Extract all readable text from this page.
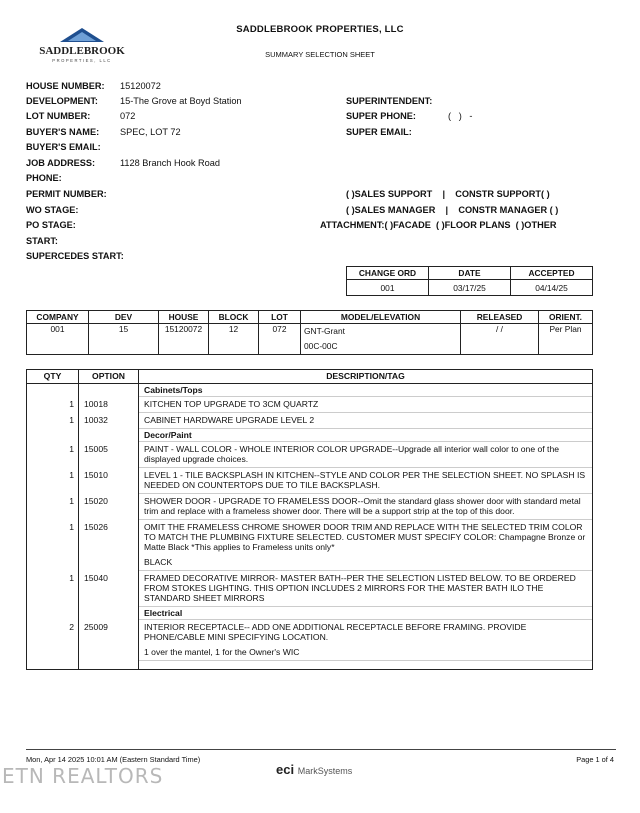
SADDLEBROOK
PROPERTIES, LLC
SADDLEBROOK PROPERTIES, LLC
SUMMARY SELECTION SHEET
HOUSE NUMBER: 15120072
DEVELOPMENT: 15-The Grove at Boyd Station
LOT NUMBER:	072
BUYER'S NAME: SPEC, LOT 72
BUYER'S EMAIL:
JOB ADDRESS:	1128 Branch Hook Road
PHONE:
PERMIT NUMBER:
WO STAGE:
PO STAGE:
START:
SUPERCEDES START:
SUPERINTENDENT:
SUPER PHONE:	(   )   -
SUPER EMAIL:
( )SALES SUPPORT    |    CONSTR SUPPORT( )
( )SALES MANAGER    |    CONSTR MANAGER ( )
ATTACHMENT:( )FACADE  ( )FLOOR PLANS  ( )OTHER
CHANGE ORD	DATE	ACCEPTED
001	03/17/25	04/14/25
COMPANY	DEV	HOUSE	BLOCK	LOT	MODEL/ELEVATION	RELEASED	ORIENT.
001	15	15120072	12	072	GNT-Grant
00C-00C	/ /	Per Plan
QTY	OPTION	DESCRIPTION/TAG
Cabinets/Tops
1	10018	KITCHEN TOP UPGRADE TO 3CM QUARTZ
1	10032	CABINET HARDWARE UPGRADE LEVEL 2
Decor/Paint
1	15005	PAINT - WALL COLOR - WHOLE INTERIOR COLOR UPGRADE--Upgrade all interior wall color to one of the displayed upgrade choices.
1	15010	LEVEL 1 - TILE BACKSPLASH IN KITCHEN--STYLE AND COLOR PER THE SELECTION SHEET. NO SPLASH IS NEEDED ON COUNTERTOPS DUE TO TILE BACKSPLASH.
1	15020	SHOWER DOOR - UPGRADE TO FRAMELESS DOOR--Omit the standard glass shower door with standard metal trim and replace with a frameless shower door. There will be a support strip at the top of this door.
1	15026	OMIT THE FRAMELESS CHROME SHOWER DOOR TRIM AND REPLACE WITH THE SELECTED TRIM COLOR TO MATCH THE PLUMBING FIXTURE SELECTED. CUSTOMER MUST SPECIFY COLOR: Champagne Bronze or Matte Black *This applies to Frameless units only*
BLACK
1	15040	FRAMED DECORATIVE MIRROR- MASTER BATH--PER THE SELECTION LISTED BELOW. TO BE ORDERED FROM STOKES LIGHTING. THIS OPTION INCLUDES 2 MIRRORS FOR THE MASTER BATH ILO THE STANDARD SHEET MIRRORS
Electrical
2	25009	INTERIOR RECEPTACLE-- ADD ONE ADDITIONAL RECEPTACLE BEFORE FRAMING. PROVIDE PHONE/CABLE MINI SPECIFYING LOCATION.
1 over the mantel, 1 for the Owner's WIC
Mon, Apr 14 2025 10:01 AM (Eastern Standard Time)	Page 1 of 4
eci MarkSystems
ETN REALTORS
